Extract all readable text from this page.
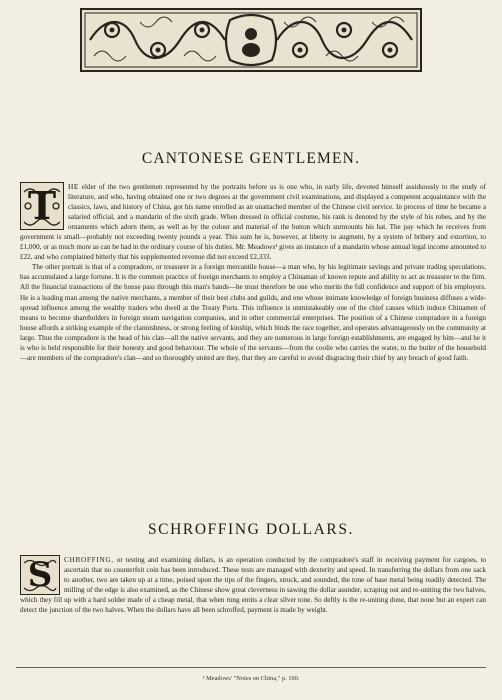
CANTONESE GENTLEMEN.
T	HE elder of the two gentlemen represented by the portraits before us is one who, in early life, devoted himself assiduously to the study of literature, and who, having obtained one or two degrees at the government civil examinations, and displayed a competent acquaintance with the classics, laws, and history of China, got his name enrolled as an unattached member of the Chinese civil service. In process of time he became a salaried official, and a mandarin of the sixth grade. When dressed in official costume, his rank is denoted by the style of his robes, and by the ornaments which adorn them, as well as by the colour and material of the button which surmounts his hat. The pay which he receives from government is small—probably not exceeding twenty pounds a year. This sum he is, however, at liberty to augment, by a system of bribery and extortion, to £1,000, or as much more as can be had in the ordinary course of his duties. Mr. Meadows¹ gives an instance of a mandarin whose annual legal income amounted to £22, and who complained bitterly that his supplemented revenue did not exceed £2,333.

The other portrait is that of a compradore, or treasurer in a foreign mercantile house—a man who, by his legitimate savings and private trading speculations, has accumulated a large fortune. It is the common practice of foreign merchants to employ a Chinaman of known repute and ability to act as treasurer to the firm. All the financial transactions of the house pass through this man's hands—he must therefore be one who merits the full confidence and support of his employers. He is a leading man among the native merchants, a member of their best clubs and guilds, and one whose intimate knowledge of foreign business diffuses a wide-spread influence among the wealthy traders who dwell at the Treaty Ports. This influence is unmistakeably one of the chief causes which induce Chinamen of means to become shareholders in foreign steam navigation companies, and in other commercial enterprises. The position of a Chinese compradore in a foreign house affords a striking example of the clannishness, or strong feeling of kinship, which binds the race together, and operates advantageously on the community at large. Thus the compradore is the head of his clan—all the native servants, and they are numerous in large foreign establishments, are engaged by him—and he it is who is held responsible for their honesty and good behaviour. The whole of the servants—from the coolie who carries the water, to the butler of the household—are members of the compradore's clan—and so thoroughly united are they, that they are careful to avoid disgracing their chief by any breach of good faith.

SCHROFFING DOLLARS.
S	CHROFFING, or testing and examining dollars, is an operation conducted by the compradore's staff in receiving payment for cargoes, to ascertain that no counterfeit coin has been introduced. These tests are managed with dexterity and speed. In transferring the dollars from one sack to another, two are taken up at a time, poised upon the tips of the fingers, struck, and sounded, the tone of base metal being readily detected. The milling of the edge is also examined, as the Chinese show great cleverness in sawing the dollar asunder, scraping out and re-uniting the two halves, which they fill up with a hard solder made of a cheap metal, that when rung emits a clear silver tone. So deftly is the re-uniting done, that none but an expert can detect the junction of the two halves. When the dollars have all been schroffed, payment is made by weight.

¹ Meadows' "Notes on China," p. 100.
